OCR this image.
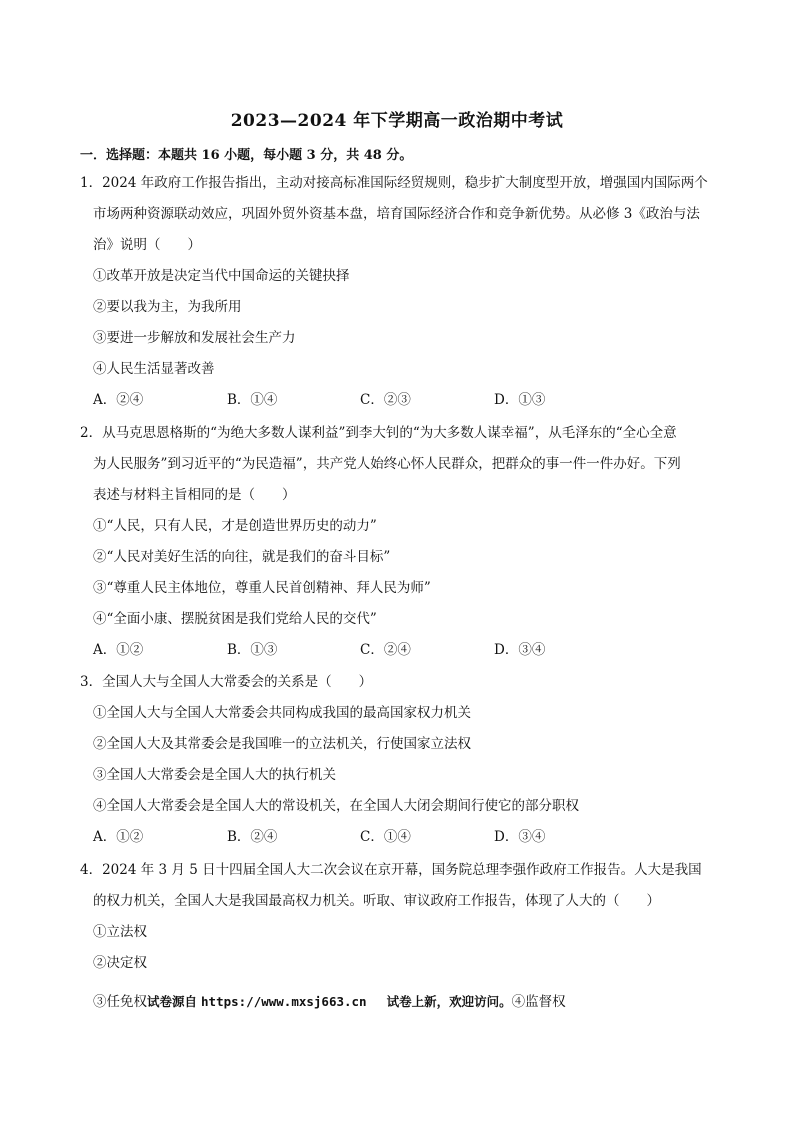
2023—2024 年下学期高一政治期中考试
一．选择题：本题共 16 小题，每小题 3 分，共 48 分。
1．2024 年政府工作报告指出，主动对接高标准国际经贸规则，稳步扩大制度型开放，增强国内国际两个
市场两种资源联动效应，巩固外贸外资基本盘，培育国际经济合作和竞争新优势。从必修 3《政治与法
治》说明（　　）
①改革开放是决定当代中国命运的关键抉择
②要以我为主，为我所用
③要进一步解放和发展社会生产力
④人民生活显著改善
A．②④	B．①④	C．②③	D．①③
2．从马克思恩格斯的“为绝大多数人谋利益”到李大钊的“为大多数人谋幸福”，从毛泽东的“全心全意
为人民服务”到习近平的“为民造福”，共产党人始终心怀人民群众，把群众的事一件一件办好。下列
表述与材料主旨相同的是（　　）
①“人民，只有人民，才是创造世界历史的动力”
②“人民对美好生活的向往，就是我们的奋斗目标”
③“尊重人民主体地位，尊重人民首创精神、拜人民为师”
④“全面小康、摆脱贫困是我们党给人民的交代”
A．①②	B．①③	C．②④	D．③④
3．全国人大与全国人大常委会的关系是（　　）
①全国人大与全国人大常委会共同构成我国的最高国家权力机关
②全国人大及其常委会是我国唯一的立法机关，行使国家立法权
③全国人大常委会是全国人大的执行机关
④全国人大常委会是全国人大的常设机关，在全国人大闭会期间行使它的部分职权
A．①②	B．②④	C．①④	D．③④
4．2024 年 3 月 5 日十四届全国人大二次会议在京开幕，国务院总理李强作政府工作报告。人大是我国
的权力机关，全国人大是我国最高权力机关。听取、审议政府工作报告，体现了人大的（　　）
①立法权
②决定权
③任免权试卷源自 https://www.mxsj663.cn 试卷上新，欢迎访问。④监督权
